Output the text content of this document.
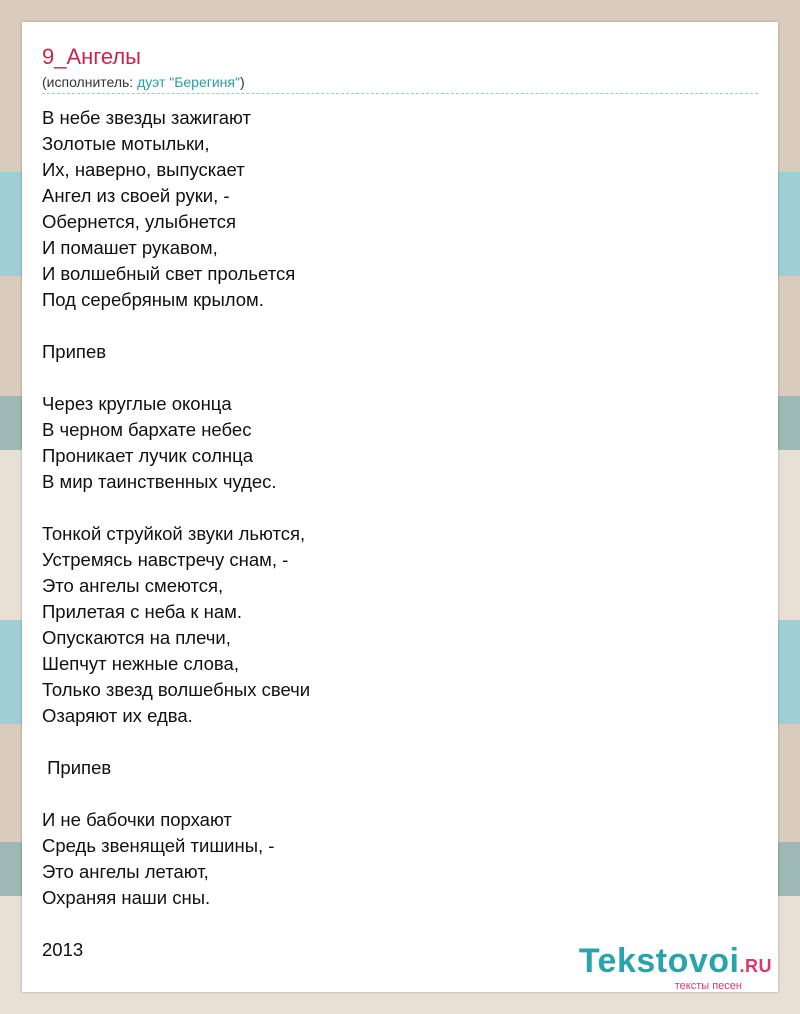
9_Ангелы
(исполнитель: дуэт "Берегиня")
В небе звезды зажигают
Золотые мотыльки,
Их, наверно, выпускает
Ангел из своей руки, -
Обернется, улыбнется
И помашет рукавом,
И волшебный свет прольется
Под серебряным крылом.
Припев
Через круглые оконца
В черном бархате небес
Проникает лучик солнца
В мир таинственных чудес.
Тонкой струйкой звуки льются,
Устремясь навстречу снам, -
Это ангелы смеются,
Прилетая с неба к нам.
Опускаются на плечи,
Шепчут нежные слова,
Только звезд волшебных свечи
Озаряют их едва.
Припев
И не бабочки порхают
Средь звенящей тишины, -
Это ангелы летают,
Охраняя наши сны.
2013	Tekstovoi.RU
тексты песен
